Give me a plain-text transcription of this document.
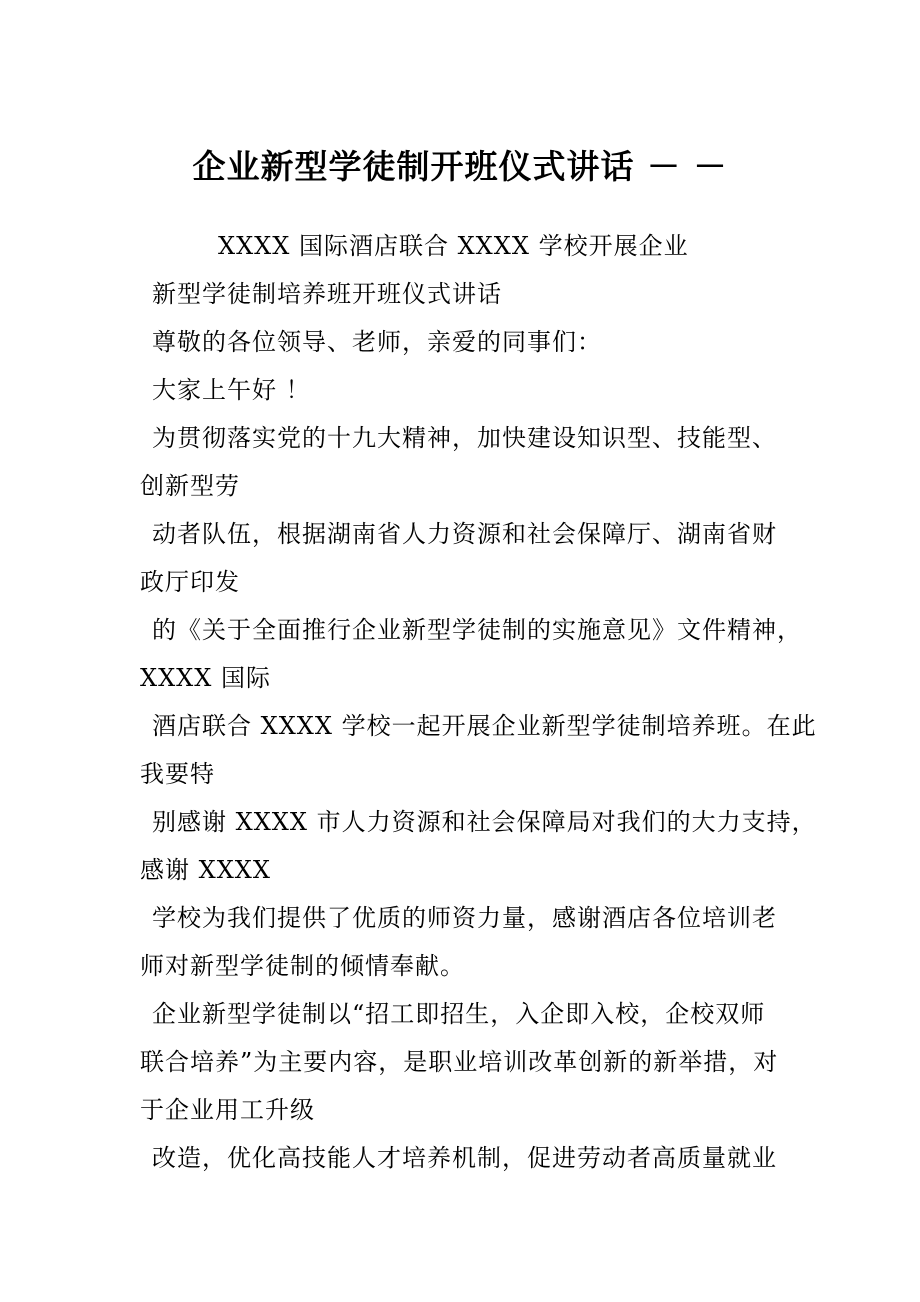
企业新型学徒制开班仪式讲话 － －
XXXX 国际酒店联合 XXXX 学校开展企业
新型学徒制培养班开班仪式讲话
尊敬的各位领导、老师，亲爱的同事们：
大家上午好 ！
为贯彻落实党的十九大精神，加快建设知识型、技能型、
创新型劳
动者队伍，根据湖南省人力资源和社会保障厅、湖南省财
政厅印发
的《关于全面推行企业新型学徒制的实施意见》文件精神，
XXXX 国际
酒店联合 XXXX 学校一起开展企业新型学徒制培养班。在此
我要特
别感谢 XXXX 市人力资源和社会保障局对我们的大力支持，
感谢 XXXX
学校为我们提供了优质的师资力量，感谢酒店各位培训老
师对新型学徒制的倾情奉献。
企业新型学徒制以“招工即招生，入企即入校，企校双师
联合培养”为主要内容，是职业培训改革创新的新举措，对
于企业用工升级
改造，优化高技能人才培养机制，促进劳动者高质量就业
